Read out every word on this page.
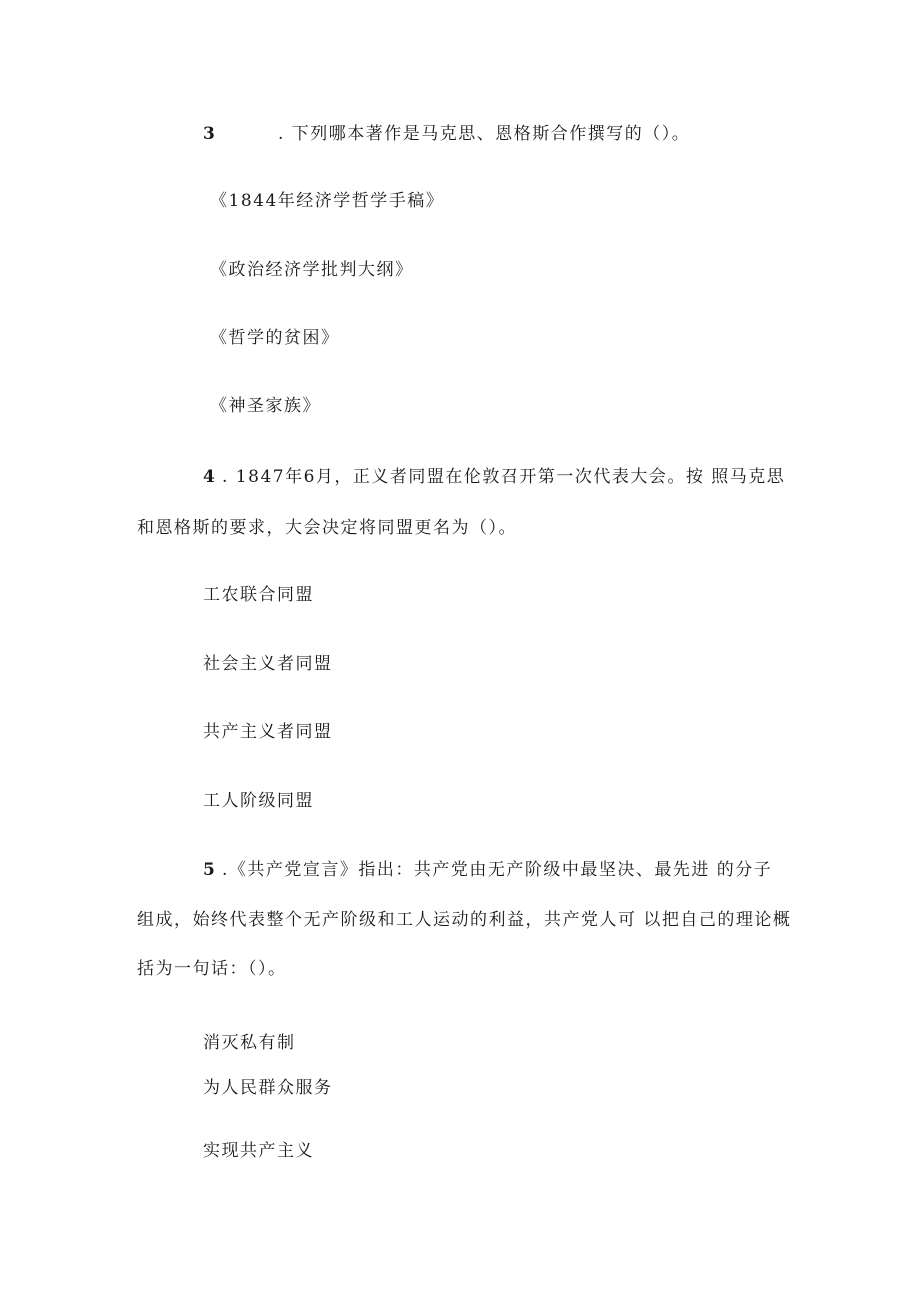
3	. 下列哪本著作是马克思、恩格斯合作撰写的（）。
《1844年经济学哲学手稿》
《政治经济学批判大纲》
《哲学的贫困》
《神圣家族》
4 . 1847年6月，正义者同盟在伦敦召开第一次代表大会。按 照马克思
和恩格斯的要求，大会决定将同盟更名为（）。
工农联合同盟
社会主义者同盟
共产主义者同盟
工人阶级同盟
5 .《共产党宣言》指出：共产党由无产阶级中最坚决、最先进 的分子
组成，始终代表整个无产阶级和工人运动的利益，共产党人可 以把自己的理论概
括为一句话：（）。
消灭私有制
为人民群众服务
实现共产主义
